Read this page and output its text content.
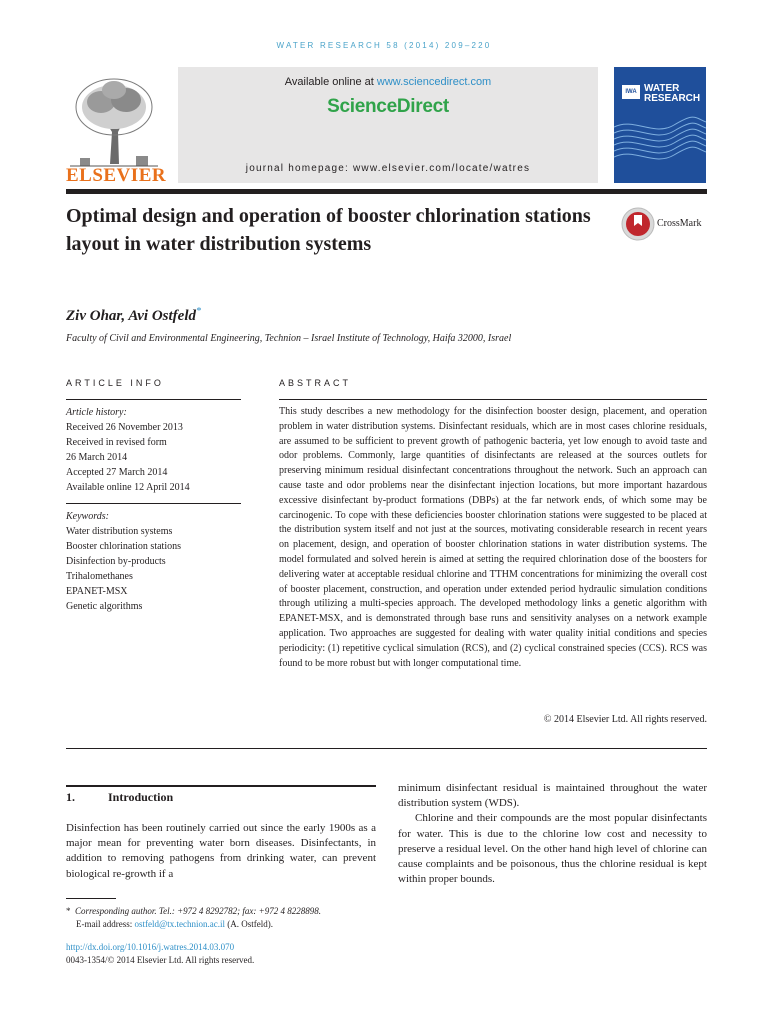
WATER RESEARCH 58 (2014) 209–220
ELSEVIER
Available online at www.sciencedirect.com
ScienceDirect
journal homepage: www.elsevier.com/locate/watres
IWA WATER
RESEARCH
Optimal design and operation of booster chlorination stations layout in water distribution systems
CrossMark
Ziv Ohar, Avi Ostfeld*
Faculty of Civil and Environmental Engineering, Technion – Israel Institute of Technology, Haifa 32000, Israel
ARTICLE INFO
Article history:
Received 26 November 2013
Received in revised form
26 March 2014
Accepted 27 March 2014
Available online 12 April 2014
Keywords:
Water distribution systems
Booster chlorination stations
Disinfection by-products
Trihalomethanes
EPANET-MSX
Genetic algorithms
ABSTRACT
This study describes a new methodology for the disinfection booster design, placement, and operation problem in water distribution systems. Disinfectant residuals, which are in most cases chlorine residuals, are assumed to be sufficient to prevent growth of pathogenic bacteria, yet low enough to avoid taste and odor problems. Commonly, large quantities of disinfectants are released at the sources outlets for preserving minimum residual disinfectant concentrations throughout the network. Such an approach can cause taste and odor problems near the disinfectant injection locations, but more important hazardous excessive disinfectant by-product formations (DBPs) at the far network ends, of which some may be carcinogenic. To cope with these deficiencies booster chlorination stations were suggested to be placed at the distribution system itself and not just at the sources, motivating considerable research in recent years on placement, design, and operation of booster chlorination stations in water distribution systems. The model formulated and solved herein is aimed at setting the required chlorination dose of the boosters for delivering water at acceptable residual chlorine and TTHM concentrations for minimizing the overall cost of booster placement, construction, and operation under extended period hydraulic simulation conditions through utilizing a multi-species approach. The developed methodology links a genetic algorithm with EPANET-MSX, and is demonstrated through base runs and sensitivity analyses on a network example application. Two approaches are suggested for dealing with water quality initial conditions and species periodicity: (1) repetitive cyclical simulation (RCS), and (2) cyclical constrained species (CCS). RCS was found to be more robust but with longer computational time.
© 2014 Elsevier Ltd. All rights reserved.
1.	Introduction
Disinfection has been routinely carried out since the early 1900s as a major mean for preventing water born diseases. Disinfectants, in addition to removing pathogens from drinking water, can prevent biological re-growth if a

minimum disinfectant residual is maintained throughout the water distribution system (WDS).

Chlorine and their compounds are the most popular disinfectants for water. This is due to the chlorine low cost and necessity to preserve a residual level. On the other hand high level of chlorine can cause complaints and be poisonous, thus the chlorine residual is kept within proper bounds.

* Corresponding author. Tel.: +972 4 8292782; fax: +972 4 8228898.
E-mail address: ostfeld@tx.technion.ac.il (A. Ostfeld).
http://dx.doi.org/10.1016/j.watres.2014.03.070
0043-1354/© 2014 Elsevier Ltd. All rights reserved.
